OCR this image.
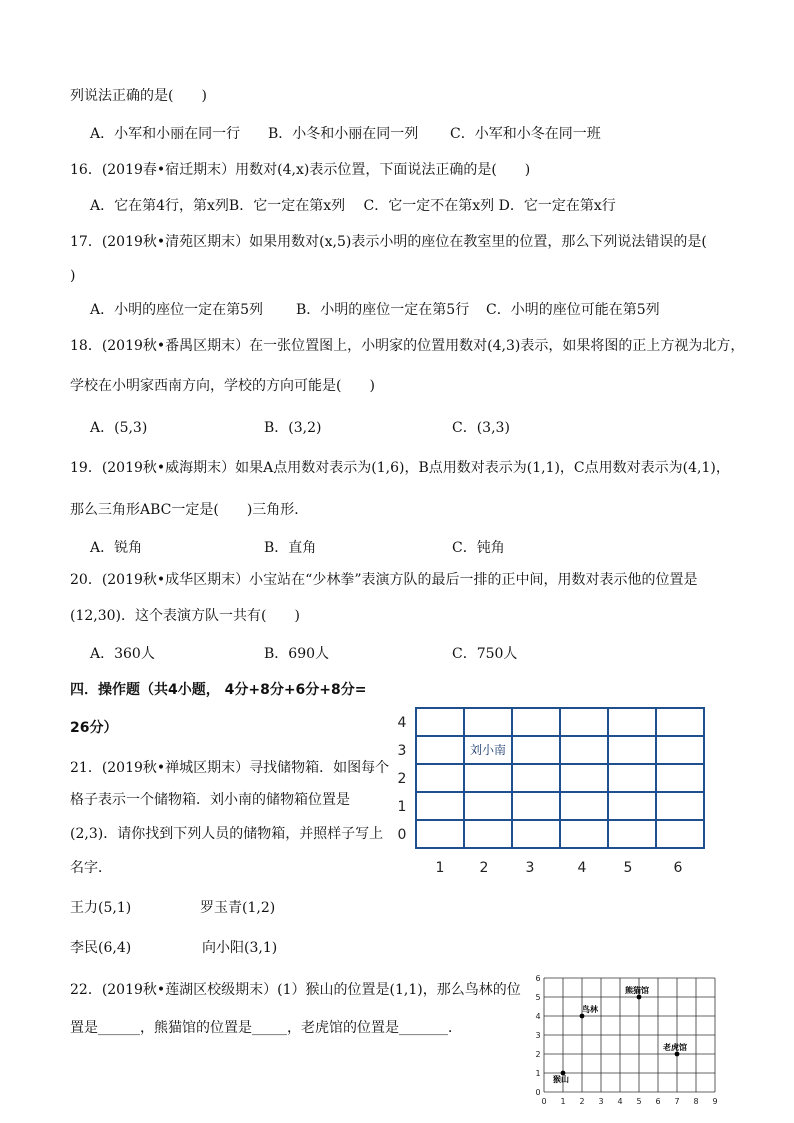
列说法正确的是(　　)
A．小军和小丽在同一行 B．小冬和小丽在同一列 C．小军和小冬在同一班
16．(2019春•宿迁期末）用数对(4,x)表示位置，下面说法正确的是(　　)
A．它在第4行，第x列B．它一定在第x列　 C．它一定不在第x列 D．它一定在第x行
17．(2019秋•清苑区期末）如果用数对(x,5)表示小明的座位在教室里的位置，那么下列说法错误的是(
)
A．小明的座位一定在第5列 B．小明的座位一定在第5行 C．小明的座位可能在第5列
18．(2019秋•番禺区期末）在一张位置图上，小明家的位置用数对(4,3)表示，如果将图的正上方视为北方，
学校在小明家西南方向，学校的方向可能是(　　)
A．(5,3)	B．(3,2)	C．(3,3)
19．(2019秋•威海期末）如果A点用数对表示为(1,6)，B点用数对表示为(1,1)，C点用数对表示为(4,1)，
那么三角形ABC一定是(　　)三角形．
A．锐角	B．直角	C．钝角
20．(2019秋•成华区期末）小宝站在“少林拳”表演方队的最后一排的正中间，用数对表示他的位置是
(12,30)．这个表演方队一共有(　　)
A．360人	B．690人	C．750人
四．操作题（共4小题， 4分+8分+6分+8分=
26分）
21．(2019秋•禅城区期末）寻找储物箱．如图每个
格子表示一个储物箱．刘小南的储物箱位置是
(2,3)．请你找到下列人员的储物箱，并照样子写上
名字．
王力(5,1)	罗玉青(1,2)
李民(6,4)	向小阳(3,1)
4
3
2
1
0
1	2	3	4	5	6
刘小南
22．(2019秋•莲湖区校级期末）(1）猴山的位置是(1,1)，那么鸟林的位
置是______，熊猫馆的位置是_____，老虎馆的位置是_______．
0 1 2 3 4 5 6 7 8 9
0
1
2
3
4
5
6
猴山
鸟林
熊猫馆
老虎馆
